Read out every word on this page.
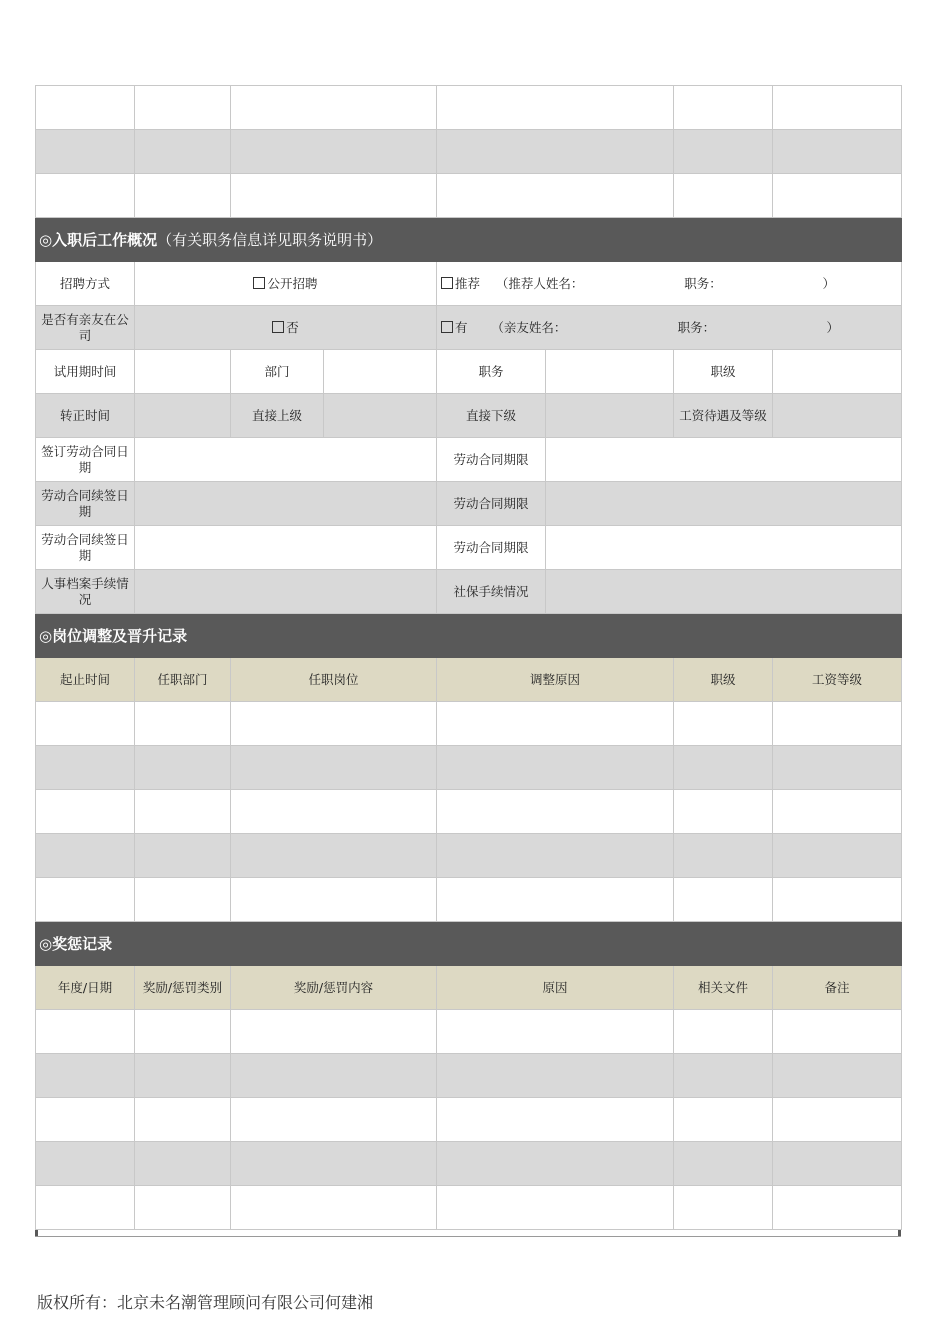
◎入职后工作概况（有关职务信息详见职务说明书）							
招聘方式	公开招聘			推荐 （推荐人姓名： 职务： ）			

是否有亲友在公司	否			有 （亲友姓名： 职务： ）			

试用期时间		部门		职务		职级	
转正时间		直接上级		直接下级		工资待遇及等级	
签订劳动合同日期				劳动合同期限			
劳动合同续签日期				劳动合同期限			
劳动合同续签日期				劳动合同期限			
人事档案手续情况				社保手续情况			
◎岗位调整及晋升记录							
起止时间	任职部门	任职岗位		调整原因		职级	工资等级

◎奖惩记录							
年度/日期	奖励/惩罚类别	奖励/惩罚内容		原因		相关文件	备注

版权所有：北京未名潮管理顾问有限公司何建湘
